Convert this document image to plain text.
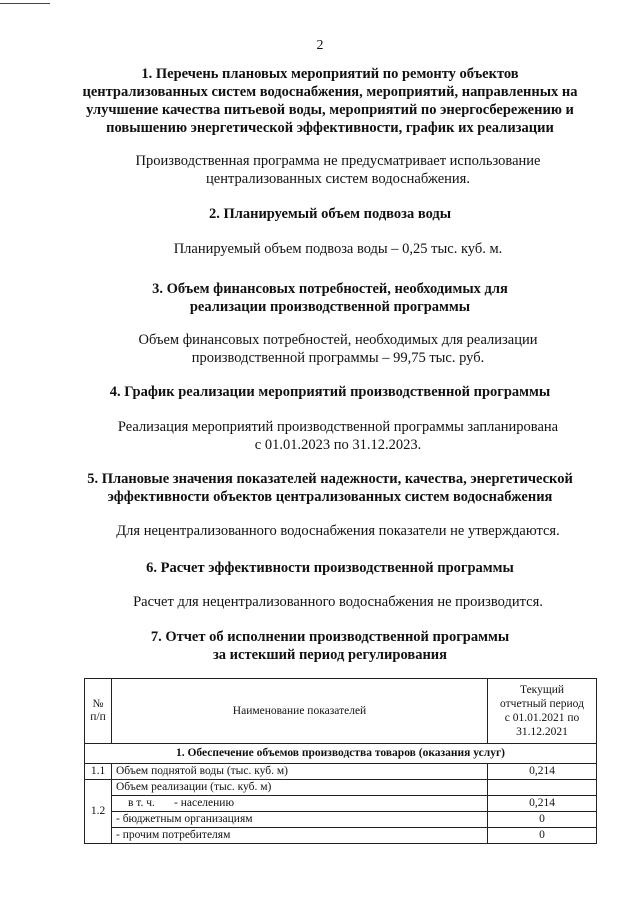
2
1. Перечень плановых мероприятий по ремонту объектов
централизованных систем водоснабжения, мероприятий, направленных на
улучшение качества питьевой воды, мероприятий по энергосбережению и
повышению энергетической эффективности, график их реализации
Производственная программа не предусматривает использование
централизованных систем водоснабжения.
2. Планируемый объем подвоза воды
Планируемый объем подвоза воды – 0,25 тыс. куб. м.
3. Объем финансовых потребностей, необходимых для
реализации производственной программы
Объем финансовых потребностей, необходимых для реализации
производственной программы – 99,75 тыс. руб.
4. График реализации мероприятий производственной программы
Реализация мероприятий производственной программы запланирована
с 01.01.2023 по 31.12.2023.
5. Плановые значения показателей надежности, качества, энергетической
эффективности объектов централизованных систем водоснабжения
Для нецентрализованного водоснабжения показатели не утверждаются.
6. Расчет эффективности производственной программы
Расчет для нецентрализованного водоснабжения не производится.
7. Отчет об исполнении производственной программы
за истекший период регулирования
№
п/п	Наименование показателей	Текущий
отчетный период
с 01.01.2021 по
31.12.2021

1. Обеспечение объемов производства товаров (оказания услуг)		
1.1	Объем поднятой воды (тыс. куб. м)	0,214
1.2	Объем реализации (тыс. куб. м)	
	в т. ч. - населению	0,214
	- бюджетным организациям	0
	- прочим потребителям	0
